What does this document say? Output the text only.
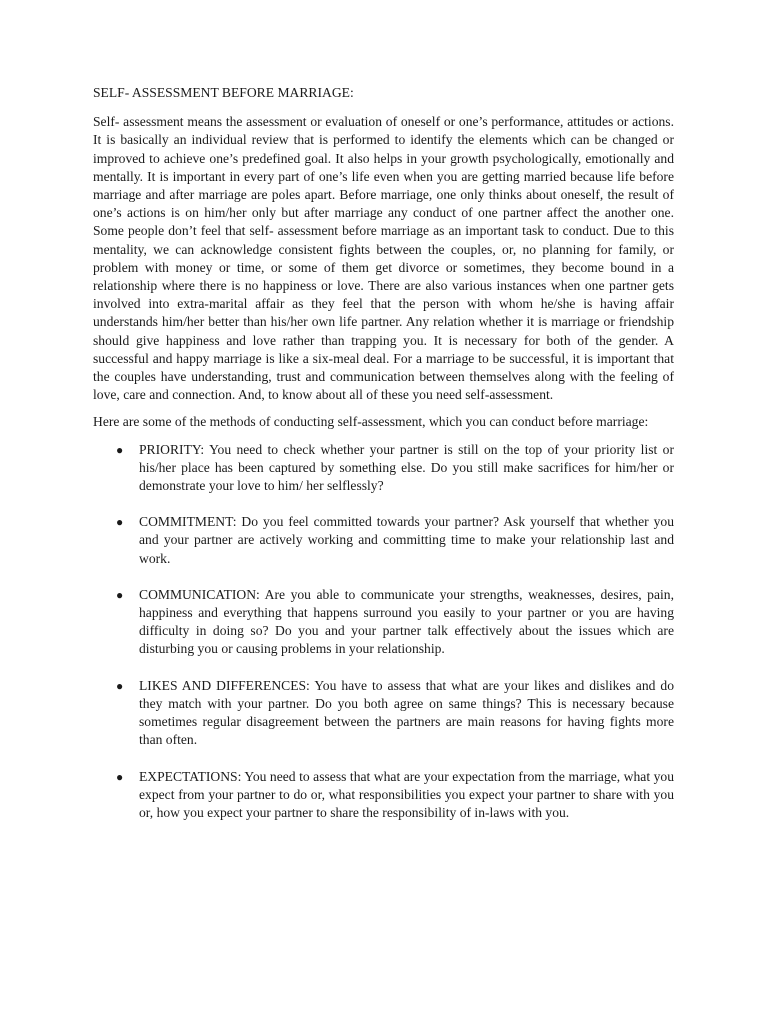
SELF- ASSESSMENT BEFORE MARRIAGE:

Self- assessment means the assessment or evaluation of oneself or one’s performance, attitudes or actions. It is basically an individual review that is performed to identify the elements which can be changed or improved to achieve one’s predefined goal. It also helps in your growth psychologically, emotionally and mentally. It is important in every part of one’s life even when you are getting married because life before marriage and after marriage are poles apart. Before marriage, one only thinks about oneself, the result of one’s actions is on him/her only but after marriage any conduct of one partner affect the another one. Some people don’t feel that self- assessment before marriage as an important task to conduct. Due to this mentality, we can acknowledge consistent fights between the couples, or, no planning for family, or problem with money or time, or some of them get divorce or sometimes, they become bound in a relationship where there is no happiness or love. There are also various instances when one partner gets involved into extra-marital affair as they feel that the person with whom he/she is having affair understands him/her better than his/her own life partner. Any relation whether it is marriage or friendship should give happiness and love rather than trapping you. It is necessary for both of the gender. A successful and happy marriage is like a six-meal deal. For a marriage to be successful, it is important that the couples have understanding, trust and communication between themselves along with the feeling of love, care and connection. And, to know about all of these you need self-assessment.

Here are some of the methods of conducting self-assessment, which you can conduct before marriage:

● PRIORITY: You need to check whether your partner is still on the top of your priority list or his/her place has been captured by something else. Do you still make sacrifices for him/her or demonstrate your love to him/ her selflessly?
● COMMITMENT: Do you feel committed towards your partner? Ask yourself that whether you and your partner are actively working and committing time to make your relationship last and work.
● COMMUNICATION: Are you able to communicate your strengths, weaknesses, desires, pain, happiness and everything that happens surround you easily to your partner or you are having difficulty in doing so? Do you and your partner talk effectively about the issues which are disturbing you or causing problems in your relationship.
● LIKES AND DIFFERENCES: You have to assess that what are your likes and dislikes and do they match with your partner. Do you both agree on same things? This is necessary because sometimes regular disagreement between the partners are main reasons for having fights more than often.
● EXPECTATIONS: You need to assess that what are your expectation from the marriage, what you expect from your partner to do or, what responsibilities you expect your partner to share with you or, how you expect your partner to share the responsibility of in-laws with you.
